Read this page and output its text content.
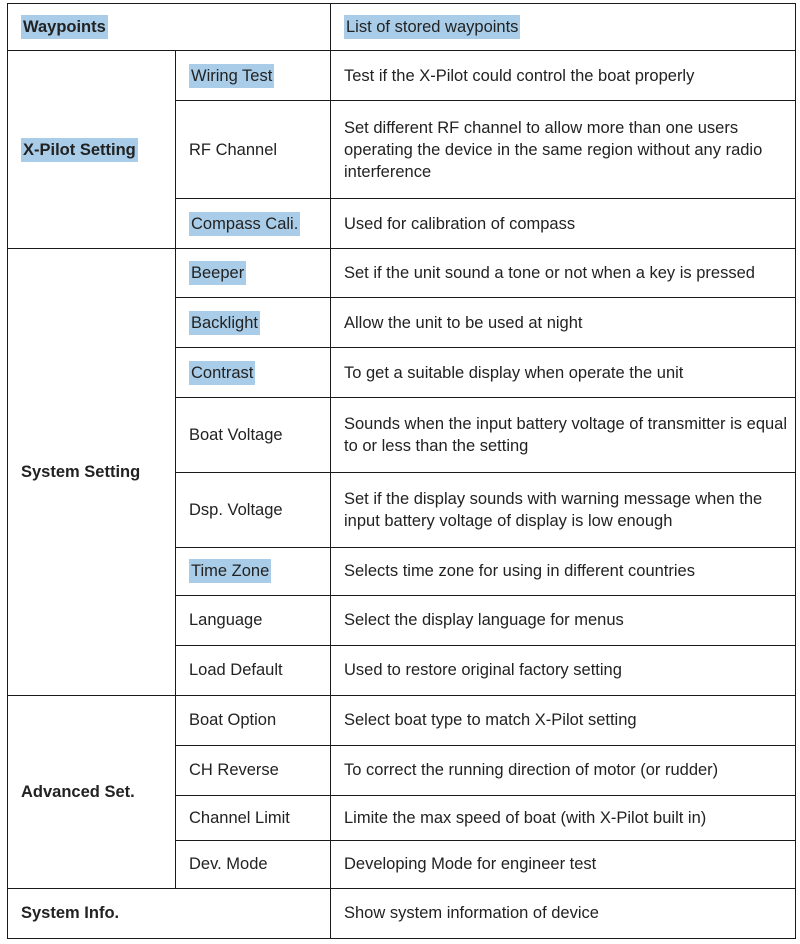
Waypoints		List of stored waypoints
X-Pilot Setting	Wiring Test	Test if the X-Pilot could control the boat properly
	RF Channel	Set different RF channel to allow more than one users operating the device in the same region without any radio interference

	Compass Cali.	Used for calibration of compass
System Setting	Beeper	Set if the unit sound a tone or not when a key is pressed
	Backlight	Allow the unit to be used at night
	Contrast	To get a suitable display when operate the unit
	Boat Voltage	Sounds when the input battery voltage of transmitter is equal to or less than the setting

	Dsp. Voltage	Set if the display sounds with warning message when the input battery voltage of display is low enough

	Time Zone	Selects time zone for using in different countries
	Language	Select the display language for menus
	Load Default	Used to restore original factory setting
Advanced Set.	Boat Option	Select boat type to match X-Pilot setting
	CH Reverse	To correct the running direction of motor (or rudder)
	Channel Limit	Limite the max speed of boat (with X-Pilot built in)
	Dev. Mode	Developing Mode for engineer test
System Info.		Show system information of device
